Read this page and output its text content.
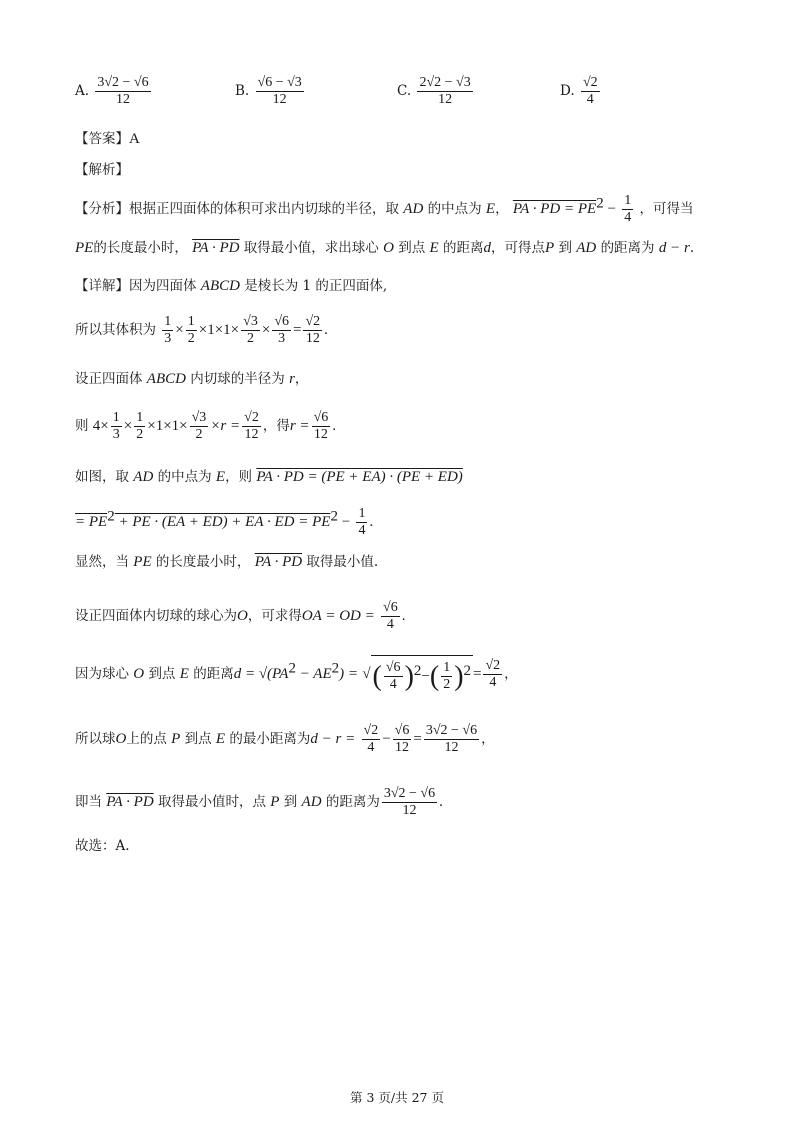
A. $\frac{3√2 - √6}{12}$	B. $\frac{√6 - √3}{12}$	C. $\frac{2√2 - √3}{12}$	D. $\frac{√2}{4}$
【答案】A
【解析】
【分析】根据正四面体的体积可求出内切球的半径，取 AD 的中点为 E， PA · PD = $PE^2 - \frac{1}{4}$ ，可得当
PE的长度最小时， PA · PD 取得最小值，求出球心 O 到点 E 的距离d，可得点P 到 AD 的距离为 d − r.
【详解】因为四面体 ABCD 是棱长为 1 的正四面体,
所以其体积为 $\frac{1}{3} \times \frac{1}{2} \times 1\times 1\times \frac{√3}{2} \times \frac{√6}{3} = \frac{√2}{12}$ .
设正四面体 ABCD 内切球的半径为 r，
则 $4\times \frac{1}{3} \times \frac{1}{2} \times 1\times 1\times \frac{√3}{2} \times r = \frac{√2}{12}$ ，得$r = \frac{√6}{12}$ .
如图，取 AD 的中点为 E，则 PA · PD = (PE + EA) · (PE + ED)
= $PE^2$ + PE · (EA + ED) + EA · ED = $PE^2 - \frac{1}{4}$ .
显然，当 PE 的长度最小时， PA · PD 取得最小值.
设正四面体内切球的球心为O，可求得OA = OD = $\frac{√6}{4}$ .
因为球心 O 到点 E 的距离$d = √(PA^2 - AE^2)$ = √( $\frac{√6}{4} )^2-( \frac{1}{2} )^2 = \frac{√2}{4}$ ，
所以球O上的点 P 到点 E 的最小距离为$d - r = \frac{√2}{4} - \frac{√6}{12} = \frac{3√2 - √6}{12}$ ，
即当 PA · PD 取得最小值时，点 P 到 AD 的距离为 $\frac{3√2 - √6}{12}$ .
故选：A.
第 3 页/共 27 页
